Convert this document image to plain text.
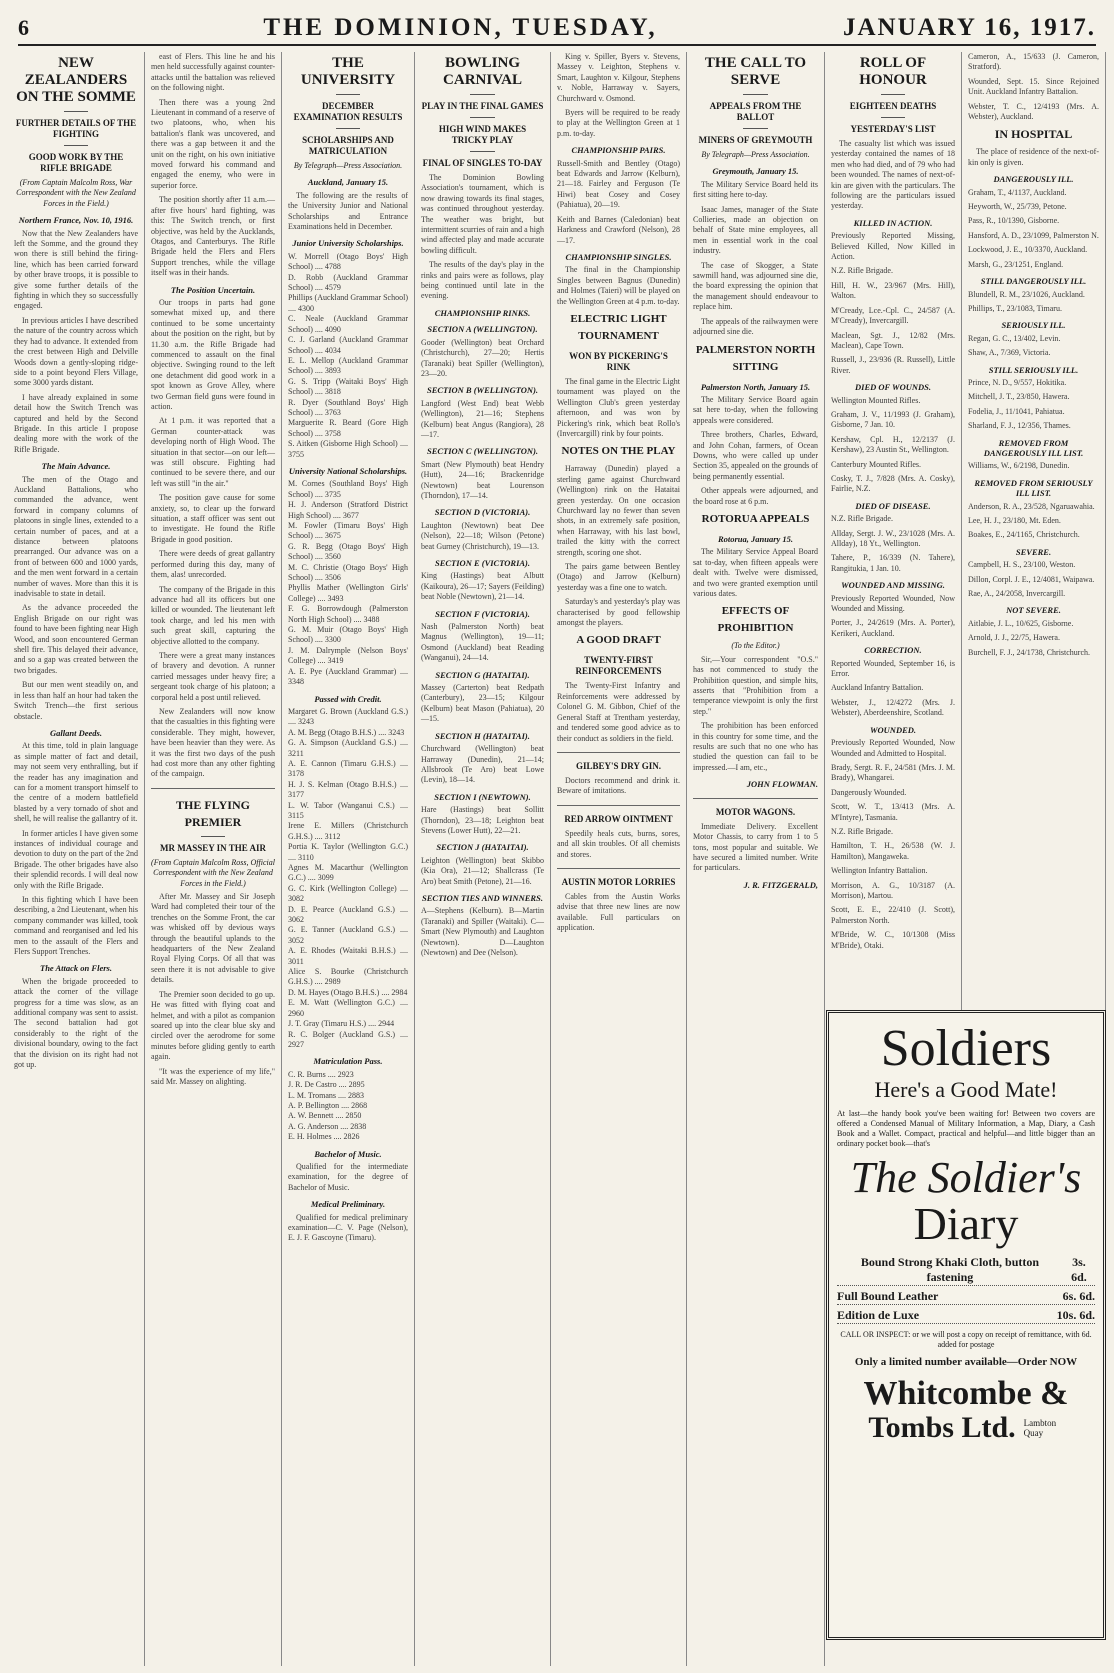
6	THE DOMINION, TUESDAY,	JANUARY 16, 1917.
NEW ZEALANDERS ON THE SOMME
FURTHER DETAILS OF THE FIGHTING
GOOD WORK BY THE RIFLE BRIGADE
(From Captain Malcolm Ross, War Correspondent with the New Zealand Forces in the Field.)
Northern France, Nov. 10, 1916.

Now that the New Zealanders have left the Somme, and the ground they won there is still behind the firing-line, which has been carried forward by other brave troops, it is possible to give some further details of the fighting in which they so successfully engaged.

In previous articles I have described the nature of the country across which they had to advance. It extended from the crest between High and Delville Woods down a gently-sloping ridge-side to a point beyond Flers Village, some 3000 yards distant.

I have already explained in some detail how the Switch Trench was captured and held by the Second Brigade. In this article I propose dealing more with the work of the Rifle Brigade.

The Main Advance.

The men of the Otago and Auckland Battalions, who commanded the advance, went forward in company columns of platoons in single lines, extended to a certain number of paces, and at a distance between platoons prearranged. Our advance was on a front of between 600 and 1000 yards, and the men went forward in a certain number of waves. More than this it is inadvisable to state in detail.

As the advance proceeded the English Brigade on our right was found to have been fighting near High Wood, and soon encountered German shell fire. This delayed their advance, and so a gap was created between the two brigades.

But our men went steadily on, and in less than half an hour had taken the Switch Trench—the first serious obstacle.

Gallant Deeds.

At this time, told in plain language as simple matter of fact and detail, may not seem very enthralling, but if the reader has any imagination and can for a moment transport himself to the centre of a modern battlefield blasted by a very tornado of shot and shell, he will realise the gallantry of it.

In former articles I have given some instances of individual courage and devotion to duty on the part of the 2nd Brigade. The other brigades have also their splendid records. I will deal now only with the Rifle Brigade.

In this fighting which I have been describing, a 2nd Lieutenant, when his company commander was killed, took command and reorganised and led his men to the assault of the Flers and Flers Support Trenches.

The Attack on Flers.

When the brigade proceeded to attack the corner of the village progress for a time was slow, as an additional company was sent to assist. The second battalion had got considerably to the right of the divisional boundary, owing to the fact that the division on its right had not got up.

east of Flers. This line he and his men held successfully against counter-attacks until the battalion was relieved on the following night.

Then there was a young 2nd Lieutenant in command of a reserve of two platoons, who, when his battalion's flank was uncovered, and there was a gap between it and the unit on the right, on his own initiative moved forward his command and engaged the enemy, who were in superior force.

The position shortly after 11 a.m.—after five hours' hard fighting, was this: The Switch trench, or first objective, was held by the Aucklands, Otagos, and Canterburys. The Rifle Brigade held the Flers and Flers Support trenches, while the village itself was in their hands.

The Position Uncertain.

Our troops in parts had gone somewhat mixed up, and there continued to be some uncertainty about the position on the right, but by 11.30 a.m. the Rifle Brigade had commenced to assault on the final objective. Swinging round to the left one detachment did good work in a spot known as Grove Alley, where two German field guns were found in action.

At 1 p.m. it was reported that a German counter-attack was developing north of High Wood. The situation in that sector—on our left—was still obscure. Fighting had continued to be severe there, and our left was still "in the air."

The position gave cause for some anxiety, so, to clear up the forward situation, a staff officer was sent out to investigate. He found the Rifle Brigade in good position.

There were deeds of great gallantry performed during this day, many of them, alas! unrecorded.

The company of the Brigade in this advance had all its officers but one killed or wounded. The lieutenant left took charge, and led his men with such great skill, capturing the objective allotted to the company.

There were a great many instances of bravery and devotion. A runner carried messages under heavy fire; a sergeant took charge of his platoon; a corporal held a post until relieved.

New Zealanders will now know that the casualties in this fighting were considerable. They might, however, have been heavier than they were. As it was the first two days of the push had cost more than any other fighting of the campaign.

THE FLYING PREMIER
MR MASSEY IN THE AIR
(From Captain Malcolm Ross, Official Correspondent with the New Zealand Forces in the Field.)

After Mr. Massey and Sir Joseph Ward had completed their tour of the trenches on the Somme Front, the car was whisked off by devious ways through the beautiful uplands to the headquarters of the New Zealand Royal Flying Corps. Of all that was seen there it is not advisable to give details.

The Premier soon decided to go up. He was fitted with flying coat and helmet, and with a pilot as companion soared up into the clear blue sky and circled over the aerodrome for some minutes before gliding gently to earth again.

"It was the experience of my life," said Mr. Massey on alighting.

THE UNIVERSITY
DECEMBER EXAMINATION RESULTS
SCHOLARSHIPS AND MATRICULATION
By Telegraph—Press Association.
Auckland, January 15.

The following are the results of the University Junior and National Scholarships and Entrance Examinations held in December.

Junior University Scholarships.

W. Morrell (Otago Boys' High School) .... 4788

D. Robb (Auckland Grammar School) .... 4579

Phillips (Auckland Grammar School) .... 4300

C. Neale (Auckland Grammar School) .... 4090

C. J. Garland (Auckland Grammar School) .... 4034

E. L. Mellop (Auckland Grammar School) .... 3893

G. S. Tripp (Waitaki Boys' High School) .... 3818

R. Dyer (Southland Boys' High School) .... 3763

Marguerite R. Beard (Gore High School) .... 3758

S. Aitken (Gisborne High School) .... 3755

University National Scholarships.

M. Cornes (Southland Boys' High School) .... 3735

H. J. Anderson (Stratford District High School) .... 3677

M. Fowler (Timaru Boys' High School) .... 3675

G. R. Begg (Otago Boys' High School) .... 3560

M. C. Christie (Otago Boys' High School) .... 3506

Phyllis Mather (Wellington Girls' College) .... 3493

F. G. Borrowdough (Palmerston North High School) .... 3488

G. M. Muir (Otago Boys' High School) .... 3300

J. M. Dalrymple (Nelson Boys' College) .... 3419

A. E. Pye (Auckland Grammar) .... 3348

Passed with Credit.

Margaret G. Brown (Auckland G.S.) .... 3243

A. M. Begg (Otago B.H.S.) .... 3243

G. A. Simpson (Auckland G.S.) .... 3211

A. E. Cannon (Timaru G.H.S.) .... 3178

H. J. S. Kelman (Otago B.H.S.) .... 3177

L. W. Tabor (Wanganui C.S.) .... 3115

Irene E. Millers (Christchurch G.H.S.) .... 3112

Portia K. Taylor (Wellington G.C.) .... 3110

Agnes M. Macarthur (Wellington G.C.) .... 3099

G. C. Kirk (Wellington College) .... 3082

D. E. Pearce (Auckland G.S.) .... 3062

G. E. Tanner (Auckland G.S.) .... 3052

A. E. Rhodes (Waitaki B.H.S.) .... 3011

Alice S. Bourke (Christchurch G.H.S.) .... 2989

D. M. Hayes (Otago B.H.S.) .... 2984

E. M. Watt (Wellington G.C.) .... 2960

J. T. Gray (Timaru H.S.) .... 2944

R. C. Bolger (Auckland G.S.) .... 2927

Matriculation Pass.

C. R. Burns .... 2923

J. R. De Castro .... 2895

L. M. Tromans .... 2883

A. P. Bellington .... 2868

A. W. Bennett .... 2850

A. G. Anderson .... 2838

E. H. Holmes .... 2826

Bachelor of Music.

Qualified for the intermediate examination, for the degree of Bachelor of Music.

Medical Preliminary.

Qualified for medical preliminary examination—C. V. Page (Nelson), E. J. F. Gascoyne (Timaru).

BOWLING CARNIVAL
PLAY IN THE FINAL GAMES
HIGH WIND MAKES TRICKY PLAY
FINAL OF SINGLES TO-DAY

The Dominion Bowling Association's tournament, which is now drawing towards its final stages, was continued throughout yesterday. The weather was bright, but intermittent scurries of rain and a high wind affected play and made accurate bowling difficult.

The results of the day's play in the rinks and pairs were as follows, play being continued until late in the evening.

CHAMPIONSHIP RINKS.
SECTION A (WELLINGTON).

Gooder (Wellington) beat Orchard (Christchurch), 27—20; Hertis (Taranaki) beat Spiller (Wellington), 23—20.

SECTION B (WELLINGTON).

Langford (West End) beat Webb (Wellington), 21—16; Stephens (Kelburn) beat Angus (Rangiora), 28—17.

SECTION C (WELLINGTON).

Smart (New Plymouth) beat Hendry (Hutt), 24—16; Brackenridge (Newtown) beat Lourenson (Thorndon), 17—14.

SECTION D (VICTORIA).

Laughton (Newtown) beat Dee (Nelson), 22—18; Wilson (Petone) beat Gurney (Christchurch), 19—13.

SECTION E (VICTORIA).

King (Hastings) beat Albutt (Kaikoura), 26—17; Sayers (Feilding) beat Noble (Newtown), 21—14.

SECTION F (VICTORIA).

Nash (Palmerston North) beat Magnus (Wellington), 19—11; Osmond (Auckland) beat Reading (Wanganui), 24—14.

SECTION G (HATAITAI).

Massey (Carterton) beat Redpath (Canterbury), 23—15; Kilgour (Kelburn) beat Mason (Pahiatua), 20—15.

SECTION H (HATAITAI).

Churchward (Wellington) beat Harraway (Dunedin), 21—14; Allsbrook (Te Aro) beat Lowe (Levin), 18—14.

SECTION I (NEWTOWN).

Hare (Hastings) beat Sollitt (Thorndon), 23—18; Leighton beat Stevens (Lower Hutt), 22—21.

SECTION J (HATAITAI).

Leighton (Wellington) beat Skibbo (Kia Ora), 21—12; Shallcrass (Te Aro) beat Smith (Petone), 21—16.

SECTION TIES AND WINNERS.

A—Stephens (Kelburn). B—Martin (Taranaki) and Spiller (Waitaki). C—Smart (New Plymouth) and Laughton (Newtown). D—Laughton (Newtown) and Dee (Nelson).

King v. Spiller, Byers v. Stevens, Massey v. Leighton, Stephens v. Smart, Laughton v. Kilgour, Stephens v. Noble, Harraway v. Sayers, Churchward v. Osmond.

Byers will be required to be ready to play at the Wellington Green at 1 p.m. to-day.

CHAMPIONSHIP PAIRS.

Russell-Smith and Bentley (Otago) beat Edwards and Jarrow (Kelburn), 21—18. Fairley and Ferguson (Te Hiwi) beat Cosey and Cosey (Pahiatua), 20—19.

Keith and Barnes (Caledonian) beat Harkness and Crawford (Nelson), 28—17.

CHAMPIONSHIP SINGLES.

The final in the Championship Singles between Bagnus (Dunedin) and Holmes (Taieri) will be played on the Wellington Green at 4 p.m. to-day.

ELECTRIC LIGHT TOURNAMENT
WON BY PICKERING'S RINK

The final game in the Electric Light tournament was played on the Wellington Club's green yesterday afternoon, and was won by Pickering's rink, which beat Rollo's (Invercargill) rink by four points.

NOTES ON THE PLAY

Harraway (Dunedin) played a sterling game against Churchward (Wellington) rink on the Hataitai green yesterday. On one occasion Churchward lay no fewer than seven shots, in an extremely safe position, when Harraway, with his last bowl, trailed the kitty with the correct strength, scoring one shot.

The pairs game between Bentley (Otago) and Jarrow (Kelburn) yesterday was a fine one to watch.

Saturday's and yesterday's play was characterised by good fellowship amongst the players.

A GOOD DRAFT
TWENTY-FIRST REINFORCEMENTS

The Twenty-First Infantry and Reinforcements were addressed by Colonel G. M. Gibbon, Chief of the General Staff at Trentham yesterday, and tendered some good advice as to their conduct as soldiers in the field.

GILBEY'S DRY GIN.

Doctors recommend and drink it. Beware of imitations.

RED ARROW OINTMENT

Speedily heals cuts, burns, sores, and all skin troubles. Of all chemists and stores.

AUSTIN MOTOR LORRIES

Cables from the Austin Works advise that three new lines are now available. Full particulars on application.

THE CALL TO SERVE
APPEALS FROM THE BALLOT
MINERS OF GREYMOUTH
By Telegraph—Press Association.
Greymouth, January 15.

The Military Service Board held its first sitting here to-day.

Isaac James, manager of the State Collieries, made an objection on behalf of State mine employees, all men in essential work in the coal industry.

The case of Skogger, a State sawmill hand, was adjourned sine die, the board expressing the opinion that the management should endeavour to replace him.

The appeals of the railwaymen were adjourned sine die.

PALMERSTON NORTH SITTING
Palmerston North, January 15.

The Military Service Board again sat here to-day, when the following appeals were considered.

Three brothers, Charles, Edward, and John Cohan, farmers, of Ocean Downs, who were called up under Section 35, appealed on the grounds of being permanently essential.

Other appeals were adjourned, and the board rose at 6 p.m.

ROTORUA APPEALS
Rotorua, January 15.

The Military Service Appeal Board sat to-day, when fifteen appeals were dealt with. Twelve were dismissed, and two were granted exemption until various dates.

EFFECTS OF PROHIBITION
(To the Editor.)

Sir,—Your correspondent "O.S." has not commenced to study the Prohibition question, and simple hits, asserts that "Prohibition from a temperance viewpoint is only the first step."

The prohibition has been enforced in this country for some time, and the results are such that no one who has studied the question can fail to be impressed.—I am, etc.,

JOHN FLOWMAN.
MOTOR WAGONS.

Immediate Delivery. Excellent Motor Chassis, to carry from 1 to 5 tons, most popular and suitable. We have secured a limited number. Write for particulars.

J. R. FITZGERALD,
ROLL OF HONOUR
EIGHTEEN DEATHS
YESTERDAY'S LIST

The casualty list which was issued yesterday contained the names of 18 men who had died, and of 79 who had been wounded. The names of next-of-kin are given with the particulars. The following are the particulars issued yesterday.

KILLED IN ACTION.

Previously Reported Missing, Believed Killed, Now Killed in Action.

N.Z. Rifle Brigade.

Hill, H. W., 23/967 (Mrs. Hill), Walton.

M'Cready, Lce.-Cpl. C., 24/587 (A. M'Cready), Invercargill.

Maclean, Sgt. J., 12/82 (Mrs. Maclean), Cape Town.

Russell, J., 23/936 (R. Russell), Little River.

DIED OF WOUNDS.

Wellington Mounted Rifles.

Graham, J. V., 11/1993 (J. Graham), Gisborne, 7 Jan. 10.

Kershaw, Cpl. H., 12/2137 (J. Kershaw), 23 Austin St., Wellington.

Canterbury Mounted Rifles.

Cosky, T. J., 7/828 (Mrs. A. Cosky), Fairlie, N.Z.

DIED OF DISEASE.

N.Z. Rifle Brigade.

Allday, Sergt. J. W., 23/1028 (Mrs. A. Allday), 18 Yt., Wellington.

Tahere, P., 16/339 (N. Tahere), Rangitukia, 1 Jan. 10.

WOUNDED AND MISSING.

Previously Reported Wounded, Now Wounded and Missing.

Porter, J., 24/2619 (Mrs. A. Porter), Kerikeri, Auckland.

CORRECTION.

Reported Wounded, September 16, is Error.

Auckland Infantry Battalion.

Webster, J., 12/4272 (Mrs. J. Webster), Aberdeenshire, Scotland.

WOUNDED.

Previously Reported Wounded, Now Wounded and Admitted to Hospital.

Brady, Sergt. R. F., 24/581 (Mrs. J. M. Brady), Whangarei.

Dangerously Wounded.

Scott, W. T., 13/413 (Mrs. A. M'Intyre), Tasmania.

N.Z. Rifle Brigade.

Hamilton, T. H., 26/538 (W. J. Hamilton), Mangaweka.

Wellington Infantry Battalion.

Morrison, A. G., 10/3187 (A. Morrison), Martou.

Scott, E. E., 22/410 (J. Scott), Palmerston North.

M'Bride, W. C., 10/1308 (Miss M'Bride), Otaki.

Cameron, A., 15/633 (J. Cameron, Stratford).

Wounded, Sept. 15. Since Rejoined Unit. Auckland Infantry Battalion.

Webster, T. C., 12/4193 (Mrs. A. Webster), Auckland.

IN HOSPITAL

The place of residence of the next-of-kin only is given.

DANGEROUSLY ILL.

Graham, T., 4/1137, Auckland.

Heyworth, W., 25/739, Petone.

Pass, R., 10/1390, Gisborne.

Hansford, A. D., 23/1099, Palmerston N.

Lockwood, J. E., 10/3370, Auckland.

Marsh, G., 23/1251, England.

STILL DANGEROUSLY ILL.

Blundell, R. M., 23/1026, Auckland.

Phillips, T., 23/1083, Timaru.

SERIOUSLY ILL.

Regan, G. C., 13/402, Levin.

Shaw, A., 7/369, Victoria.

STILL SERIOUSLY ILL.

Prince, N. D., 9/557, Hokitika.

Mitchell, J. T., 23/850, Hawera.

Fodelia, J., 11/1041, Pahiatua.

Sharland, F. J., 12/356, Thames.

REMOVED FROM DANGEROUSLY ILL LIST.

Williams, W., 6/2198, Dunedin.

REMOVED FROM SERIOUSLY ILL LIST.

Anderson, R. A., 23/528, Ngaruawahia.

Lee, H. J., 23/180, Mt. Eden.

Boakes, E., 24/1165, Christchurch.

SEVERE.

Campbell, H. S., 23/100, Weston.

Dillon, Corpl. J. E., 12/4081, Waipawa.

Rae, A., 24/2058, Invercargill.

NOT SEVERE.

Aitlabie, J. L., 10/625, Gisborne.

Arnold, J. J., 22/75, Hawera.

Burchell, F. J., 24/1738, Christchurch.

Soldiers
Here's a Good Mate!
At last—the handy book you've been waiting for! Between two covers are offered a Condensed Manual of Military Information, a Map, Diary, a Cash Book and a Wallet. Compact, practical and helpful—and little bigger than an ordinary pocket book—that's
The Soldier's
Diary
Bound Strong Khaki Cloth, button fastening
3s. 6d.
Full Bound Leather	6s. 6d.
Edition de Luxe	10s. 6d.
CALL OR INSPECT: or we will post a copy on receipt of remittance, with 6d. added for postage
Only a limited number available—Order NOW
Whitcombe &
Tombs Ltd. Lambton Quay
